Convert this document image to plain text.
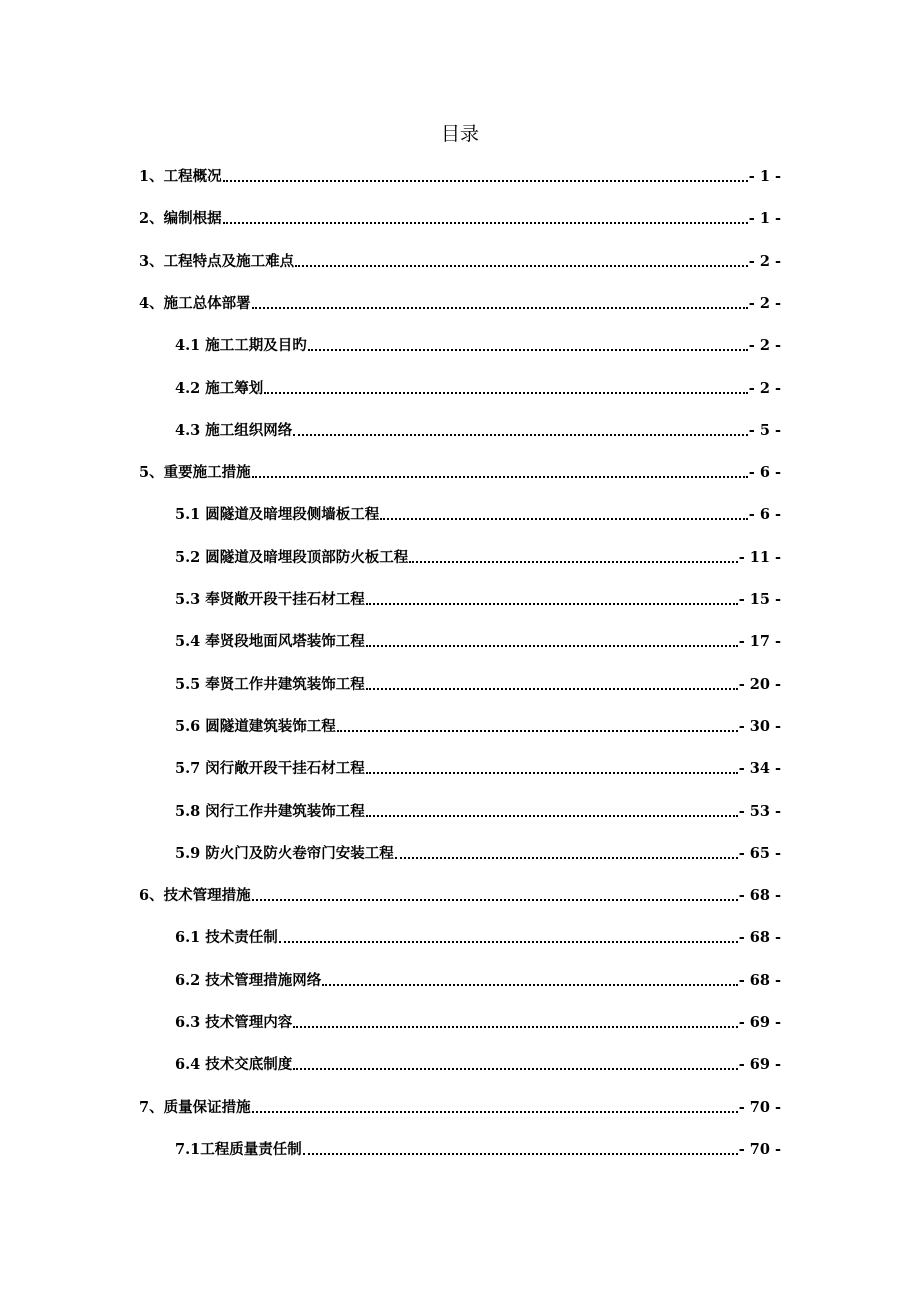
目录
1、工程概况	- 1 -
2、编制根据	- 1 -
3、工程特点及施工难点	- 2 -
4、施工总体部署	- 2 -
4.1 施工工期及目旳	- 2 -
4.2 施工筹划	- 2 -
4.3 施工组织网络	- 5 -
5、重要施工措施	- 6 -
5.1 圆隧道及暗埋段侧墙板工程	- 6 -
5.2 圆隧道及暗埋段顶部防火板工程	- 11 -
5.3 奉贤敞开段干挂石材工程	- 15 -
5.4 奉贤段地面风塔装饰工程	- 17 -
5.5 奉贤工作井建筑装饰工程	- 20 -
5.6 圆隧道建筑装饰工程	- 30 -
5.7 闵行敞开段干挂石材工程	- 34 -
5.8 闵行工作井建筑装饰工程	- 53 -
5.9 防火门及防火卷帘门安装工程	- 65 -
6、技术管理措施	- 68 -
6.1 技术责任制	- 68 -
6.2 技术管理措施网络	- 68 -
6.3 技术管理内容	- 69 -
6.4 技术交底制度	- 69 -
7、质量保证措施	- 70 -
7.1工程质量责任制	- 70 -
